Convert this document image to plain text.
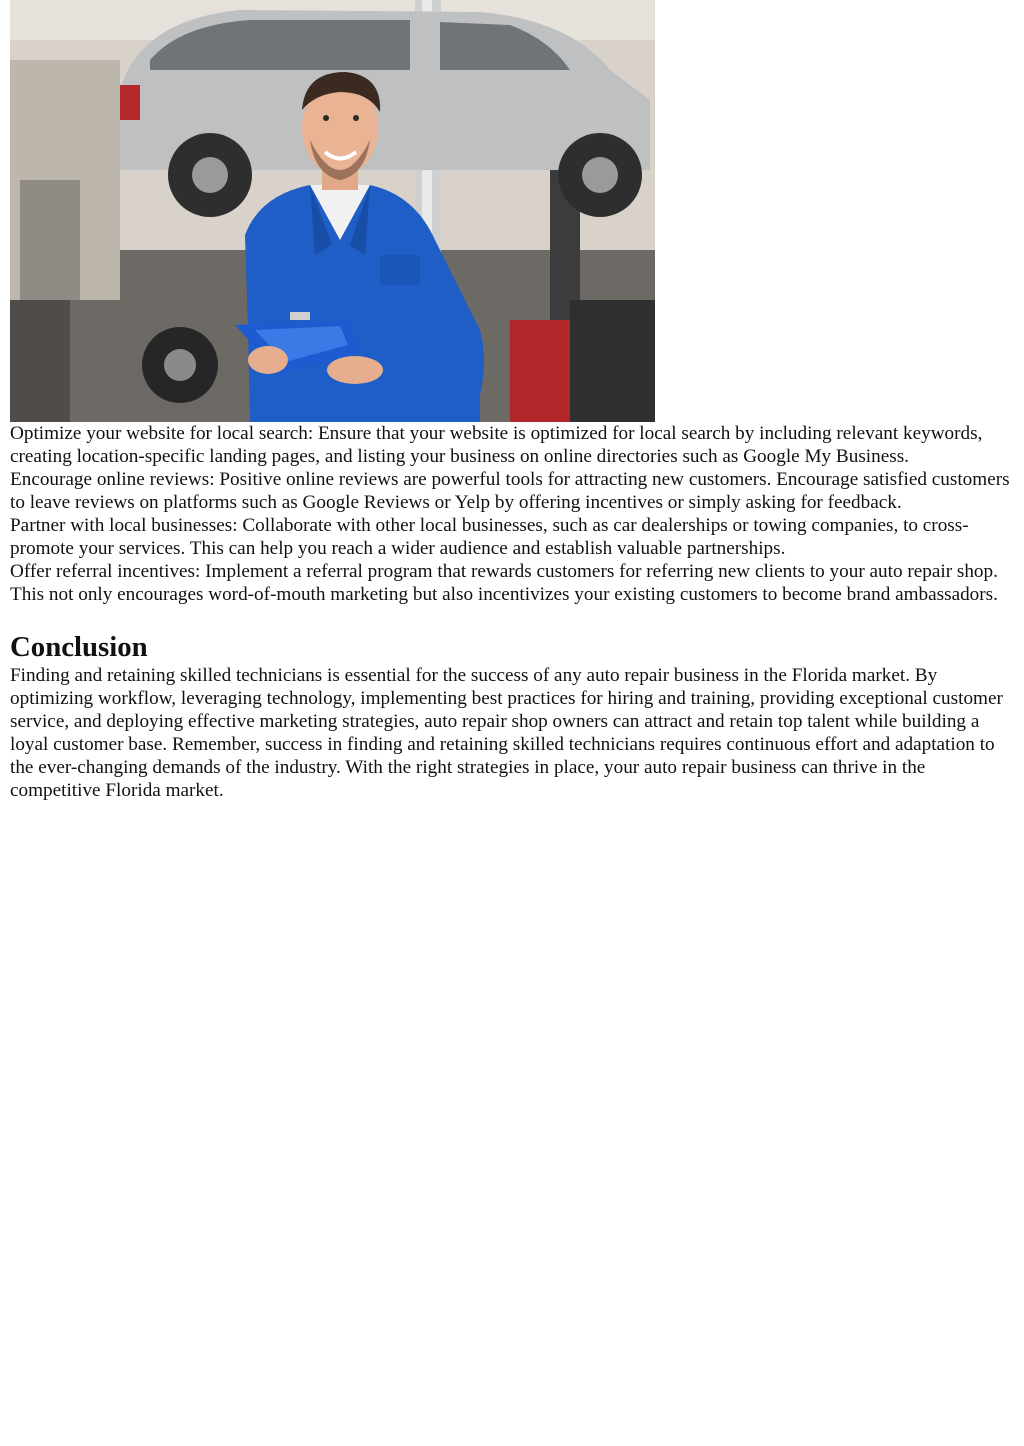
Optimize your website for local search: Ensure that your website is optimized for local search by including relevant keywords, creating location-specific landing pages, and listing your business on online directories such as Google My Business.

Encourage online reviews: Positive online reviews are powerful tools for attracting new customers. Encourage satisfied customers to leave reviews on platforms such as Google Reviews or Yelp by offering incentives or simply asking for feedback.

Partner with local businesses: Collaborate with other local businesses, such as car dealerships or towing companies, to cross-promote your services. This can help you reach a wider audience and establish valuable partnerships.

Offer referral incentives: Implement a referral program that rewards customers for referring new clients to your auto repair shop. This not only encourages word-of-mouth marketing but also incentivizes your existing customers to become brand ambassadors.

Conclusion

Finding and retaining skilled technicians is essential for the success of any auto repair business in the Florida market. By optimizing workflow, leveraging technology, implementing best practices for hiring and training, providing exceptional customer service, and deploying effective marketing strategies, auto repair shop owners can attract and retain top talent while building a loyal customer base. Remember, success in finding and retaining skilled technicians requires continuous effort and adaptation to the ever-changing demands of the industry. With the right strategies in place, your auto repair business can thrive in the competitive Florida market.
